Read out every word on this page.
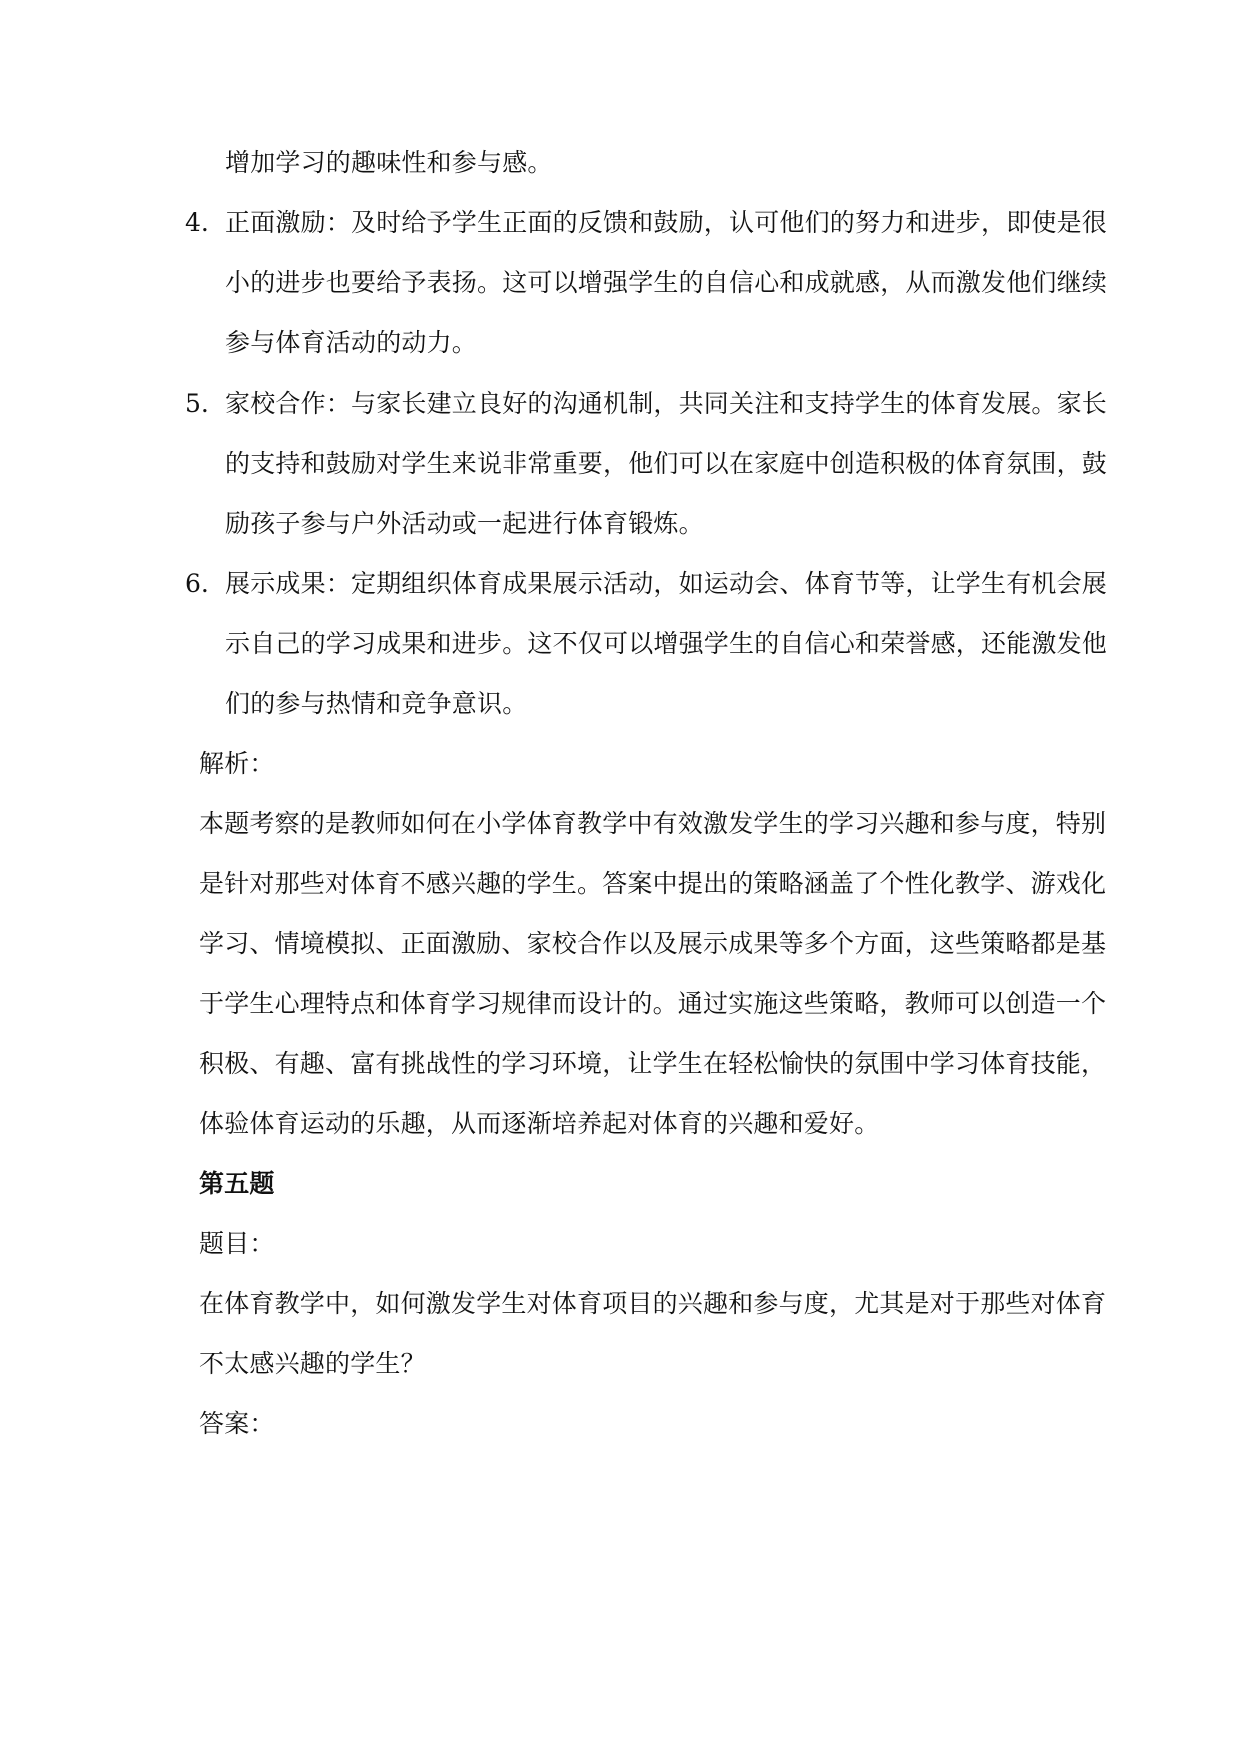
增加学习的趣味性和参与感。
4. 正面激励：及时给予学生正面的反馈和鼓励，认可他们的努力和进步，即使是很
小的进步也要给予表扬。这可以增强学生的自信心和成就感，从而激发他们继续
参与体育活动的动力。
5. 家校合作：与家长建立良好的沟通机制，共同关注和支持学生的体育发展。家长
的支持和鼓励对学生来说非常重要，他们可以在家庭中创造积极的体育氛围，鼓
励孩子参与户外活动或一起进行体育锻炼。
6. 展示成果：定期组织体育成果展示活动，如运动会、体育节等，让学生有机会展
示自己的学习成果和进步。这不仅可以增强学生的自信心和荣誉感，还能激发他
们的参与热情和竞争意识。
解析：
本题考察的是教师如何在小学体育教学中有效激发学生的学习兴趣和参与度，特别
是针对那些对体育不感兴趣的学生。答案中提出的策略涵盖了个性化教学、游戏化
学习、情境模拟、正面激励、家校合作以及展示成果等多个方面，这些策略都是基
于学生心理特点和体育学习规律而设计的。通过实施这些策略，教师可以创造一个
积极、有趣、富有挑战性的学习环境，让学生在轻松愉快的氛围中学习体育技能，
体验体育运动的乐趣，从而逐渐培养起对体育的兴趣和爱好。
第五题
题目：
在体育教学中，如何激发学生对体育项目的兴趣和参与度，尤其是对于那些对体育
不太感兴趣的学生？
答案：
